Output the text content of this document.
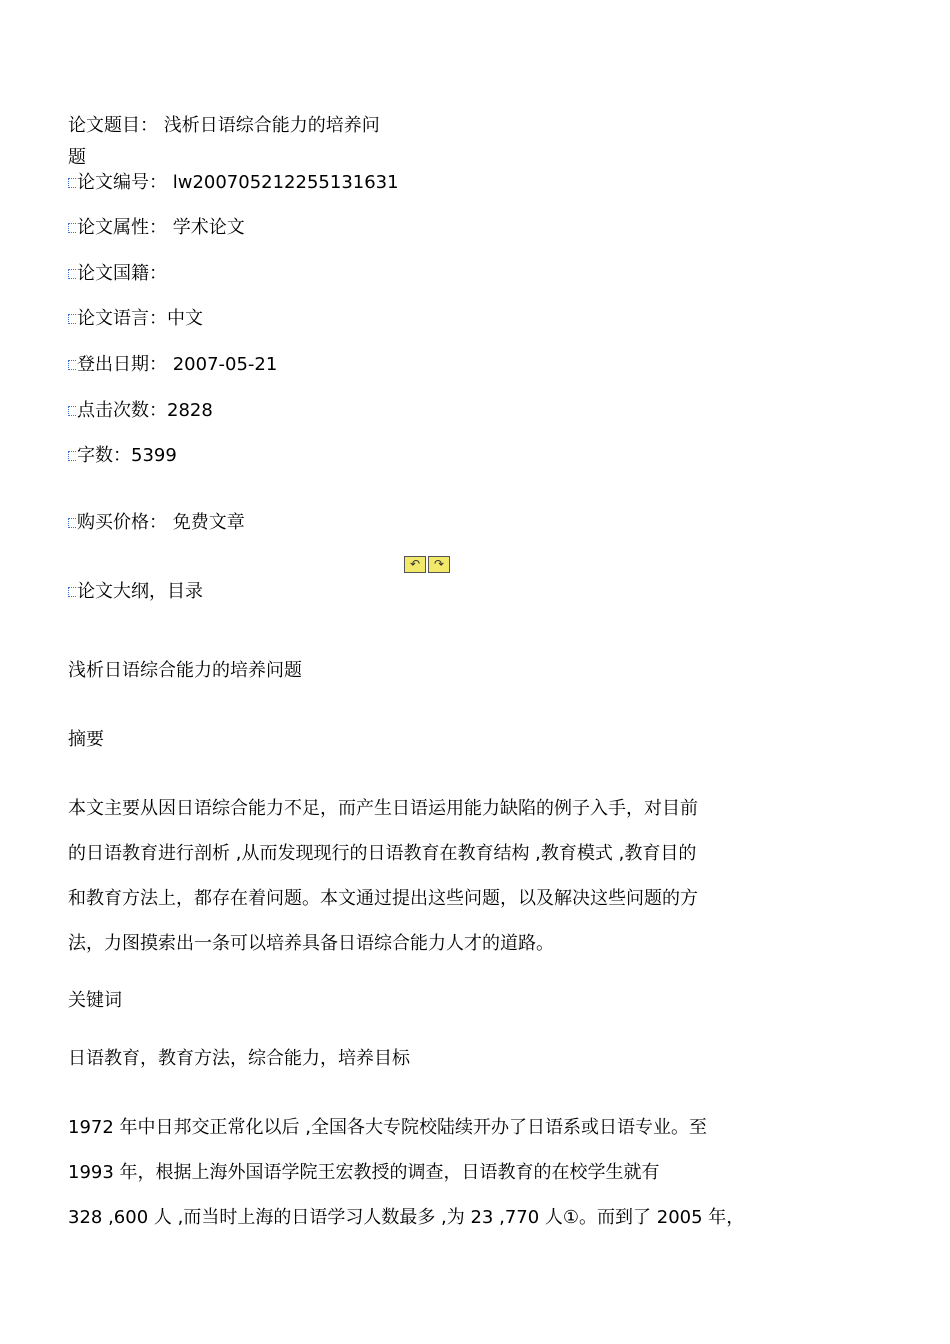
论文题目： 浅析日语综合能力的培养问
题
论文编号： lw200705212255131631
论文属性： 学术论文
论文国籍：
论文语言：中文
登出日期： 2007-05-21
点击次数：2828
字数：5399
购买价格： 免费文章
↶	↷
论文大纲，目录
浅析日语综合能力的培养问题
摘要
本文主要从因日语综合能力不足，而产生日语运用能力缺陷的例子入手，对目前
的日语教育进行剖析 ,从而发现现行的日语教育在教育结构 ,教育模式 ,教育目的
和教育方法上，都存在着问题。本文通过提出这些问题，以及解决这些问题的方
法，力图摸索出一条可以培养具备日语综合能力人才的道路。
关键词
日语教育，教育方法，综合能力，培养目标
1972 年中日邦交正常化以后 ,全国各大专院校陆续开办了日语系或日语专业。至
1993 年，根据上海外国语学院王宏教授的调查，日语教育的在校学生就有
328 ,600 人 ,而当时上海的日语学习人数最多 ,为 23 ,770 人①。而到了 2005 年，
